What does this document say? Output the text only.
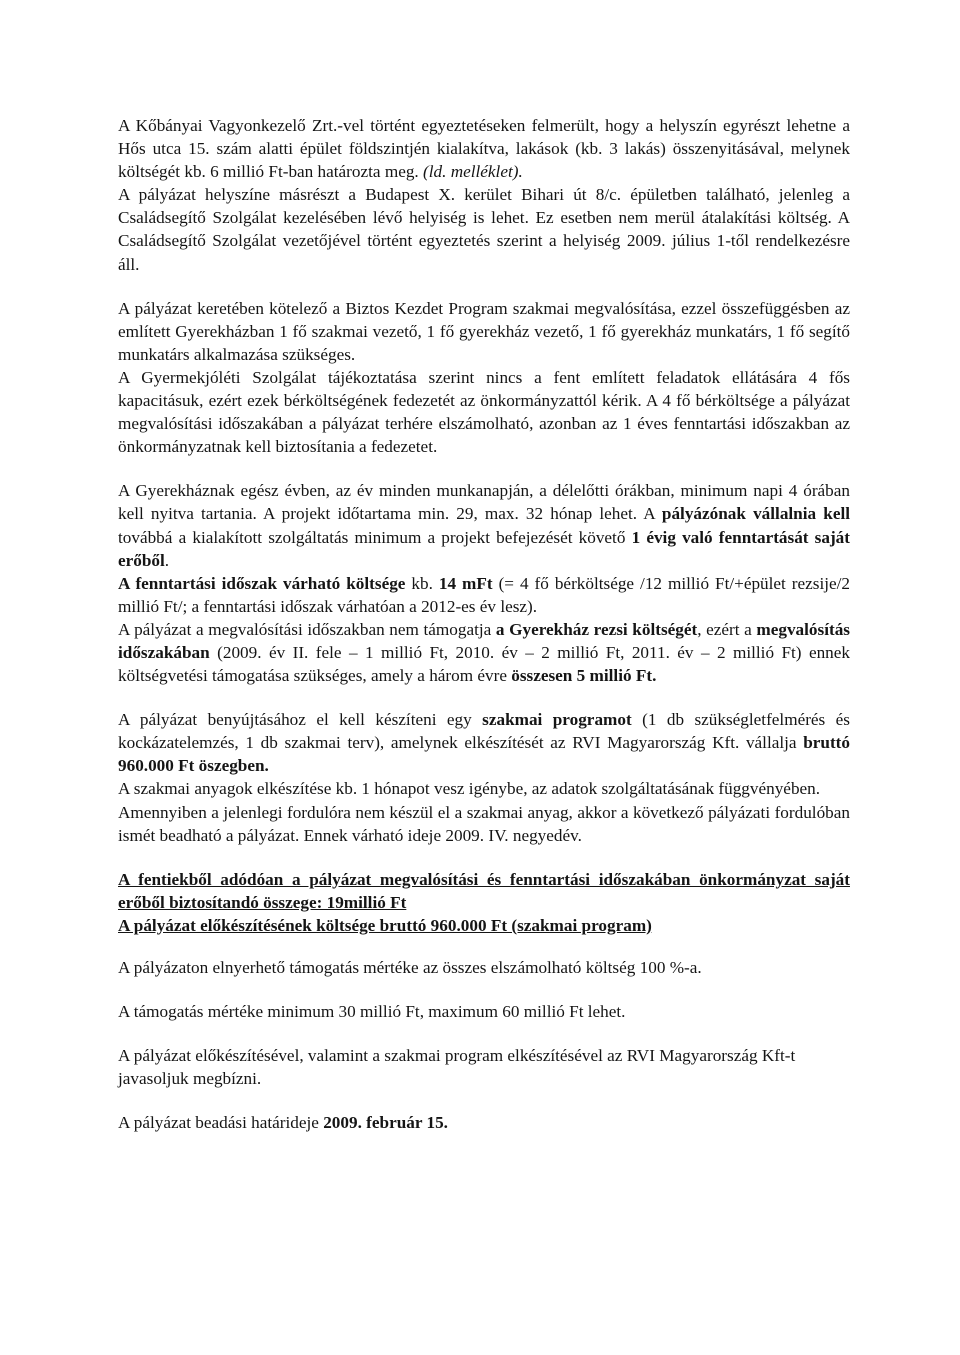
A Kőbányai Vagyonkezelő Zrt.-vel történt egyeztetéseken felmerült, hogy a helyszín egyrészt lehetne a Hős utca 15. szám alatti épület földszintjén kialakítva, lakások (kb. 3 lakás) összenyitásával, melynek költségét kb. 6 millió Ft-ban határozta meg. (ld. melléklet).
A pályázat helyszíne másrészt a Budapest X. kerület Bihari út 8/c. épületben található, jelenleg a Családsegítő Szolgálat kezelésében lévő helyiség is lehet. Ez esetben nem merül átalakítási költség. A Családsegítő Szolgálat vezetőjével történt egyeztetés szerint a helyiség 2009. július 1-től rendelkezésre áll.
A pályázat keretében kötelező a Biztos Kezdet Program szakmai megvalósítása, ezzel összefüggésben az említett Gyerekházban 1 fő szakmai vezető, 1 fő gyerekház vezető, 1 fő gyerekház munkatárs, 1 fő segítő munkatárs alkalmazása szükséges.
A Gyermekjóléti Szolgálat tájékoztatása szerint nincs a fent említett feladatok ellátására 4 fős kapacitásuk, ezért ezek bérköltségének fedezetét az önkormányzattól kérik. A 4 fő bérköltsége a pályázat megvalósítási időszakában a pályázat terhére elszámolható, azonban az 1 éves fenntartási időszakban az önkormányzatnak kell biztosítania a fedezetet.
A Gyerekháznak egész évben, az év minden munkanapján, a délelőtti órákban, minimum napi 4 órában kell nyitva tartania. A projekt időtartama min. 29, max. 32 hónap lehet. A pályázónak vállalnia kell továbbá a kialakított szolgáltatás minimum a projekt befejezését követő 1 évig való fenntartását saját erőből.
A fenntartási időszak várható költsége kb. 14 mFt (= 4 fő bérköltsége /12 millió Ft/+épület rezsije/2 millió Ft/; a fenntartási időszak várhatóan a 2012-es év lesz).
A pályázat a megvalósítási időszakban nem támogatja a Gyerekház rezsi költségét, ezért a megvalósítás időszakában (2009. év II. fele – 1 millió Ft, 2010. év – 2 millió Ft, 2011. év – 2 millió Ft) ennek költségvetési támogatása szükséges, amely a három évre összesen 5 millió Ft.
A pályázat benyújtásához el kell készíteni egy szakmai programot (1 db szükségletfelmérés és kockázatelemzés, 1 db szakmai terv), amelynek elkészítését az RVI Magyarország Kft. vállalja bruttó 960.000 Ft öszegben.
A szakmai anyagok elkészítése kb. 1 hónapot vesz igénybe, az adatok szolgáltatásának függvényében.
Amennyiben a jelenlegi fordulóra nem készül el a szakmai anyag, akkor a következő pályázati fordulóban ismét beadható a pályázat. Ennek várható ideje 2009. IV. negyedév.
A fentiekből adódóan a pályázat megvalósítási és fenntartási időszakában önkormányzat saját erőből biztosítandó összege: 19millió Ft
A pályázat előkészítésének költsége bruttó 960.000 Ft (szakmai program)
A pályázaton elnyerhető támogatás mértéke az összes elszámolható költség 100 %-a.
A támogatás mértéke minimum 30 millió Ft, maximum 60 millió Ft lehet.
A pályázat előkészítésével, valamint a szakmai program elkészítésével az RVI Magyarország Kft-t javasoljuk megbízni.
A pályázat beadási határideje 2009. február 15.
